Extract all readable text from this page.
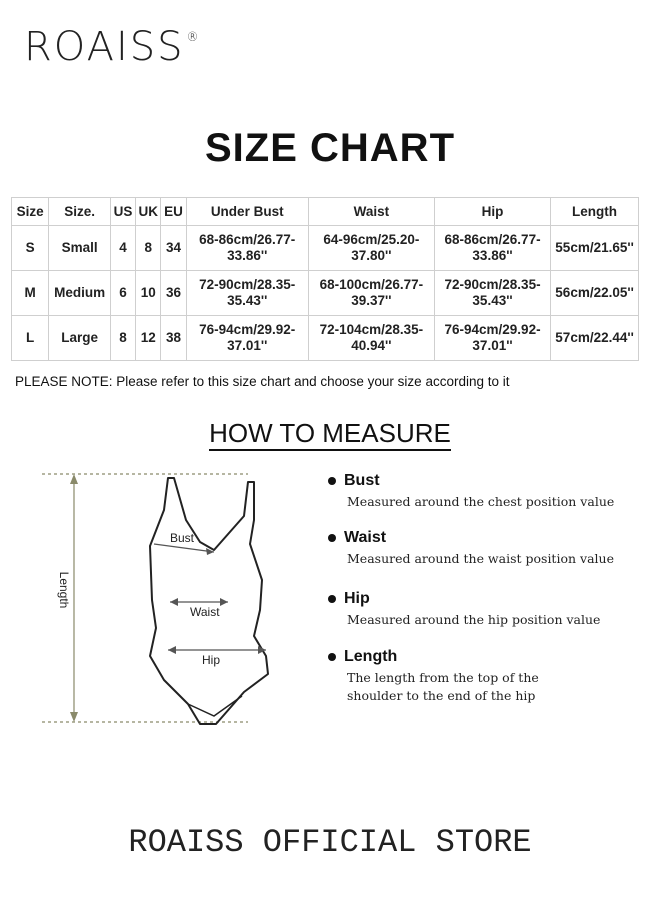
ROAISS ®
SIZE CHART
Size	Size.	US	UK	EU	Under Bust	Waist	Hip	Length
S	Small	4	8	34	68-86cm/26.77-33.86''	64-96cm/25.20-37.80''	68-86cm/26.77-33.86''	55cm/21.65''
M	Medium	6	10	36	72-90cm/28.35-35.43''	68-100cm/26.77-39.37''	72-90cm/28.35-35.43''	56cm/22.05''
L	Large	8	12	38	76-94cm/29.92-37.01''	72-104cm/28.35-40.94''	76-94cm/29.92-37.01''	57cm/22.44''
PLEASE NOTE: Please refer to this size chart and choose your size according to it
HOW TO MEASURE
Length
Bust
Waist
Hip
Bust
Measured around the chest position value
Waist
Measured around the waist position value
Hip
Measured around the hip position value
Length
The length from the top of the shoulder to the end of the hip
ROAISS OFFICIAL STORE
